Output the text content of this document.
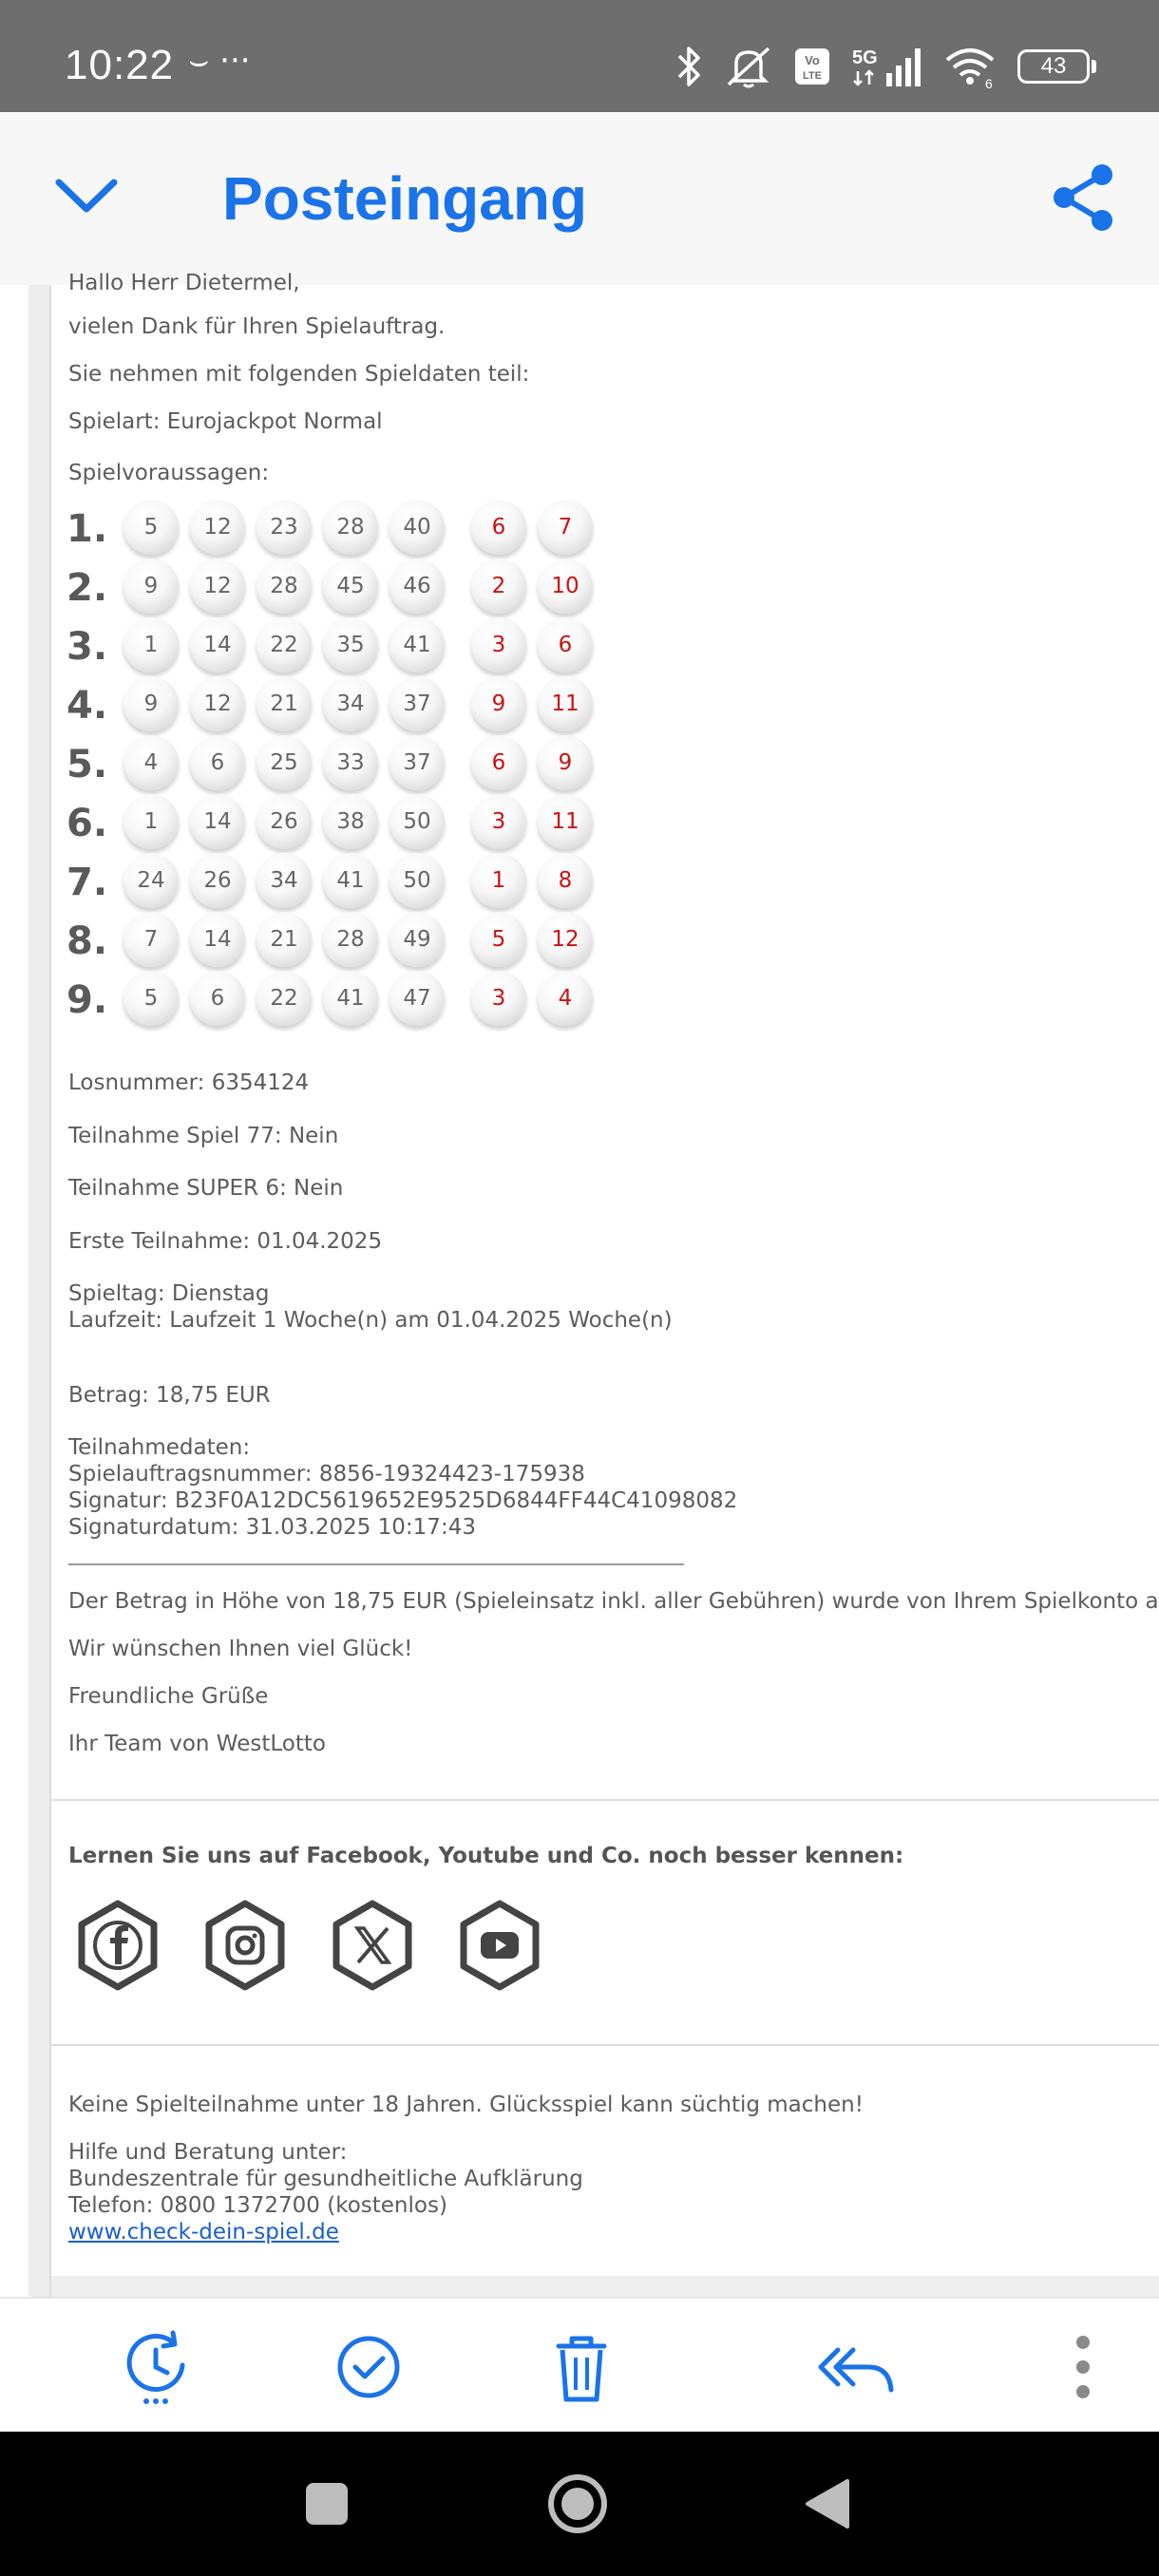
10:22 ⌣ ···	Vo
LTE
5G
6
43
Posteingang
Hallo Herr Dietermel,
vielen Dank für Ihren Spielauftrag.
Sie nehmen mit folgenden Spieldaten teil:
Spielart: Eurojackpot Normal
Spielvoraussagen:
1.	5	12	23	28	40	6	7
2.	9	12	28	45	46	2	10
3.	1	14	22	35	41	3	6
4.	9	12	21	34	37	9	11
5.	4	6	25	33	37	6	9
6.	1	14	26	38	50	3	11
7.	24	26	34	41	50	1	8
8.	7	14	21	28	49	5	12
9.	5	6	22	41	47	3	4
Losnummer: 6354124
Teilnahme Spiel 77: Nein
Teilnahme SUPER 6: Nein
Erste Teilnahme: 01.04.2025
Spieltag: Dienstag
Laufzeit: Laufzeit 1 Woche(n) am 01.04.2025 Woche(n)
Betrag: 18,75 EUR
Teilnahmedaten:
Spielauftragsnummer: 8856-19324423-175938
Signatur: B23F0A12DC5619652E9525D6844FF44C41098082
Signaturdatum: 31.03.2025 10:17:43
Der Betrag in Höhe von 18,75 EUR (Spieleinsatz inkl. aller Gebühren) wurde von Ihrem Spielkonto a
Wir wünschen Ihnen viel Glück!
Freundliche Grüße
Ihr Team von WestLotto
Lernen Sie uns auf Facebook, Youtube und Co. noch besser kennen:
Keine Spielteilnahme unter 18 Jahren. Glücksspiel kann süchtig machen!
Hilfe und Beratung unter:
Bundeszentrale für gesundheitliche Aufklärung
Telefon: 0800 1372700 (kostenlos)
www.check-dein-spiel.de
